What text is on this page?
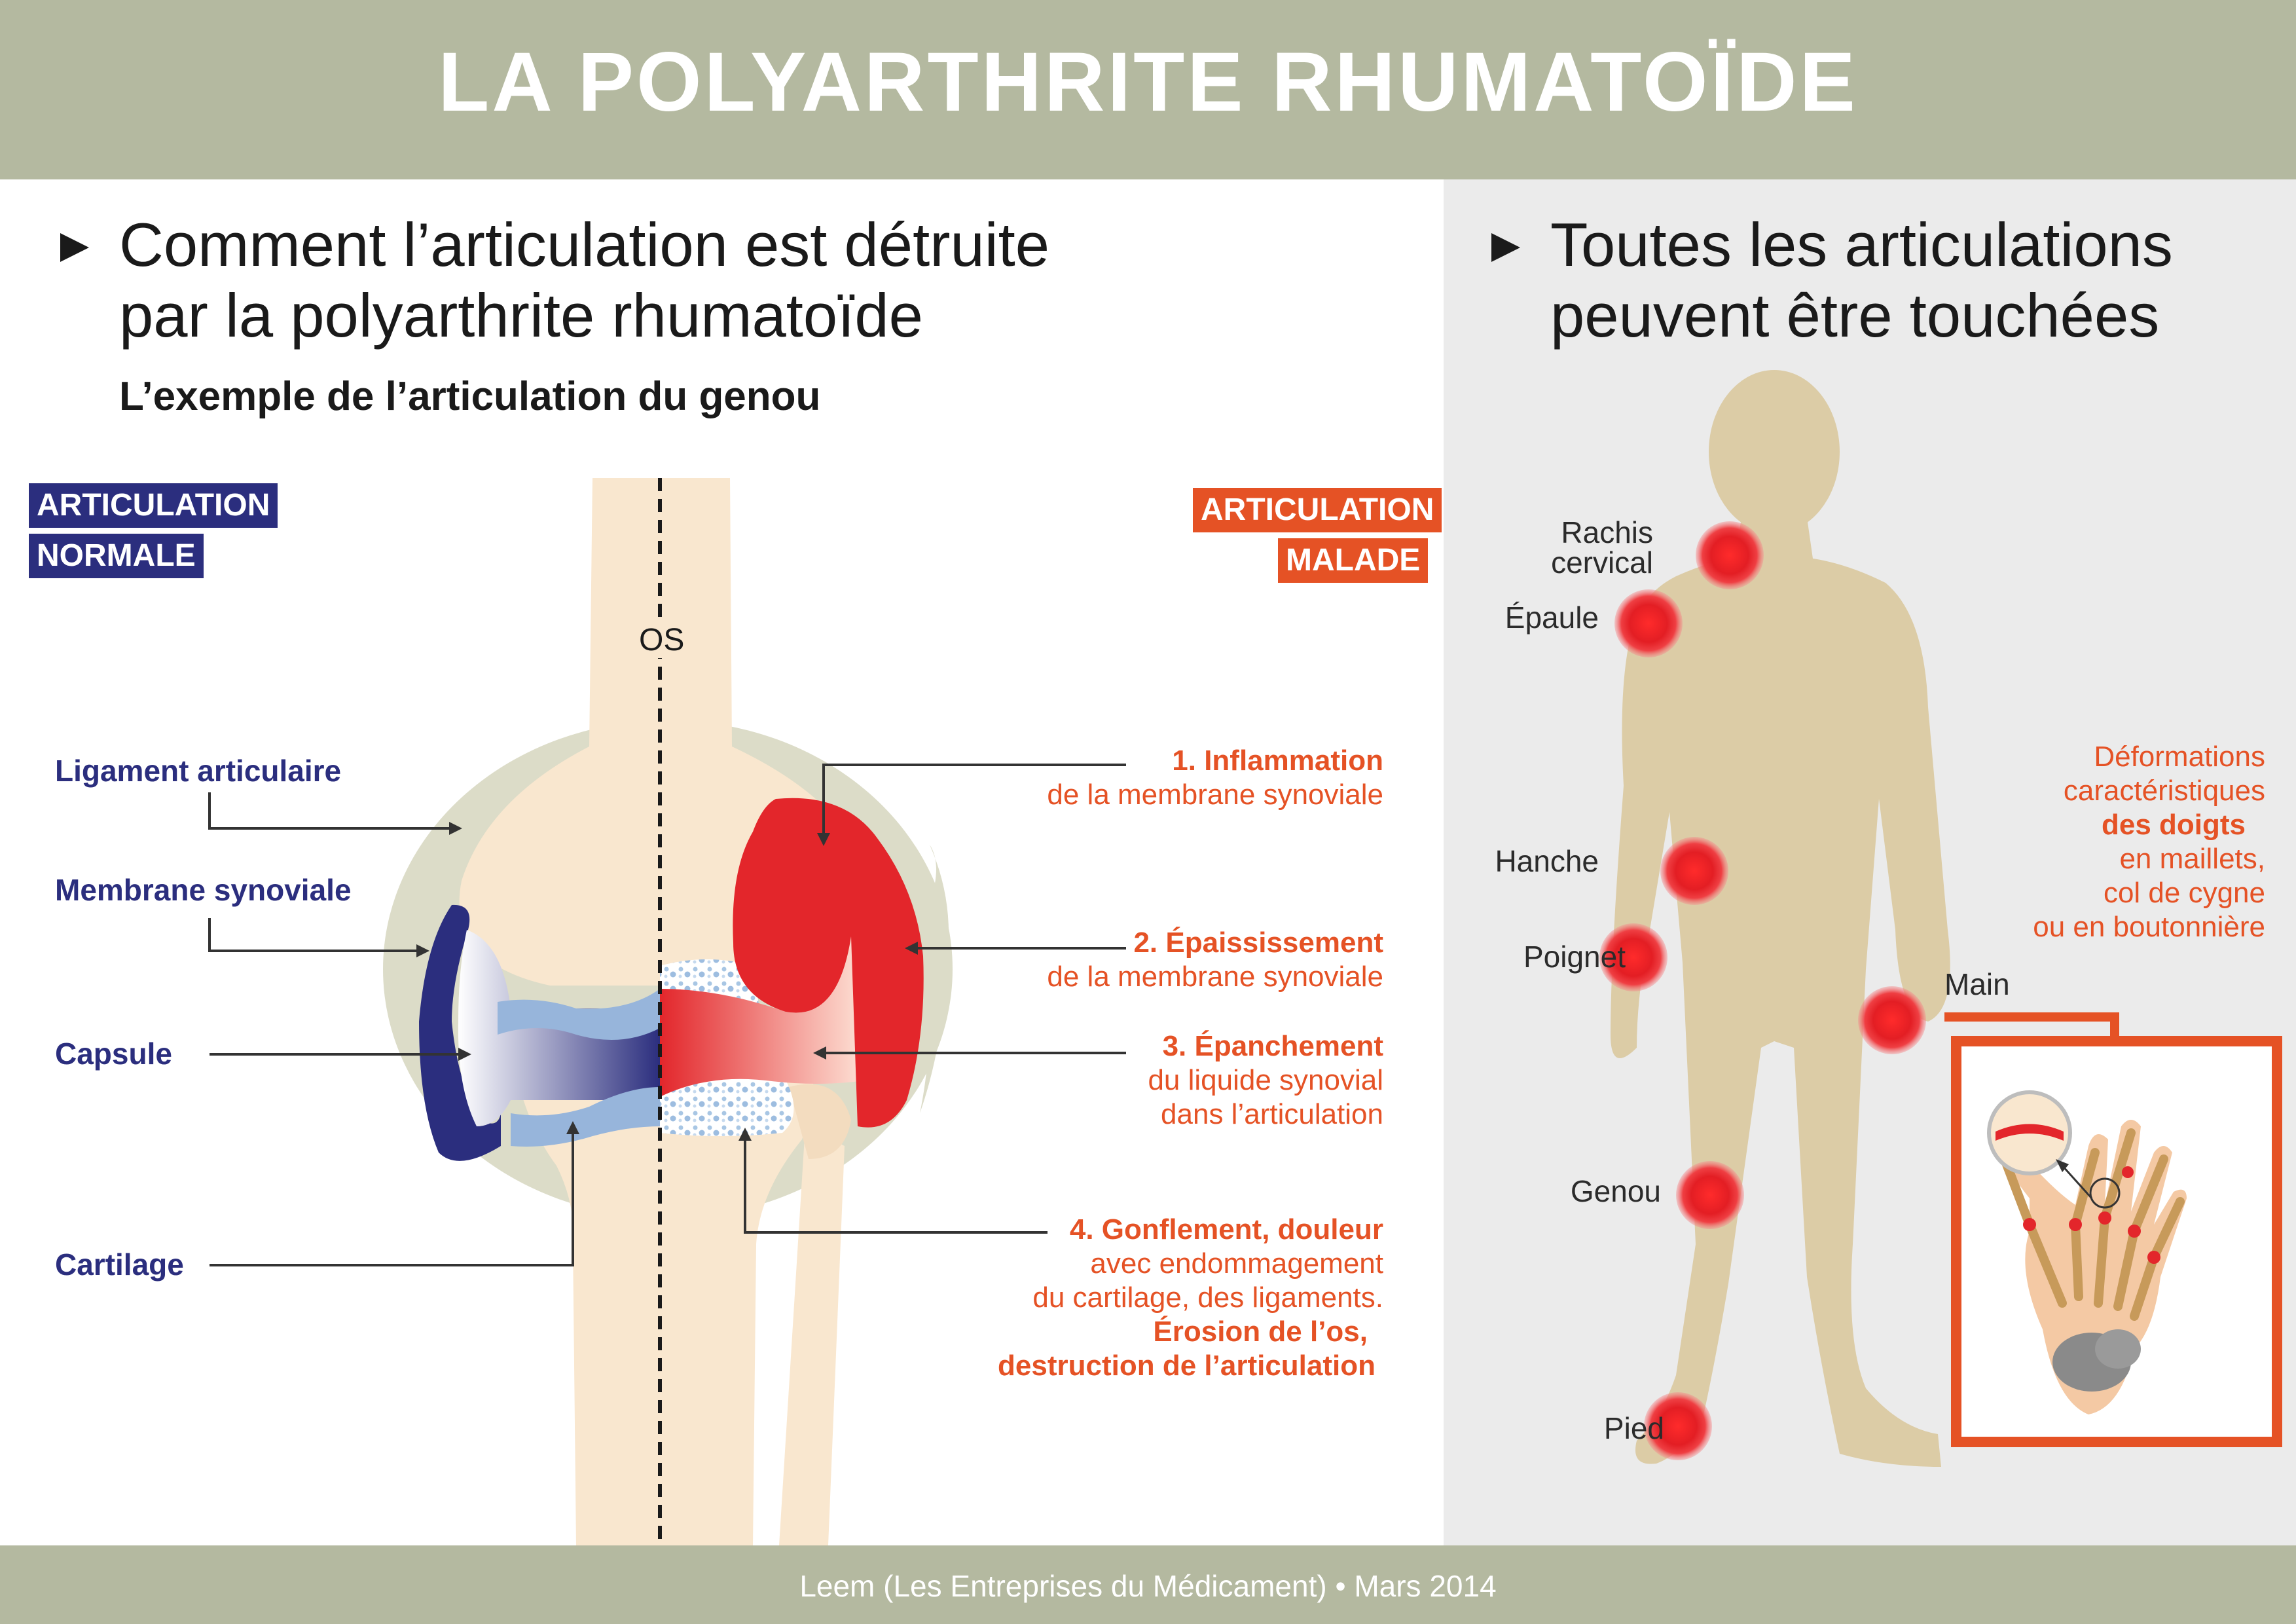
LA POLYARTHRITE RHUMATOÏDE
Leem (Les Entreprises du Médicament) • Mars 2014
Comment l’articulation est détruite
par la polyarthrite rhumatoïde
L’exemple de l’articulation du genou
Toutes les articulations
peuvent être touchées
OS
ARTICULATION
NORMALE
ARTICULATION
MALADE
Ligament articulaire
Membrane synoviale
Capsule
Cartilage
1. Inflammation
de la membrane synoviale
2. Épaississement
de la membrane synoviale
3. Épanchement
du liquide synovial
dans l’articulation
4. Gonflement, douleur
avec endommagement
du cartilage, des ligaments.
Érosion de l’os,
destruction de l’articulation
Rachis
cervical
Épaule
Hanche
Poignet
Main
Genou
Pied
Déformations
caractéristiques
des doigts
en maillets,
col de cygne
ou en boutonnière
